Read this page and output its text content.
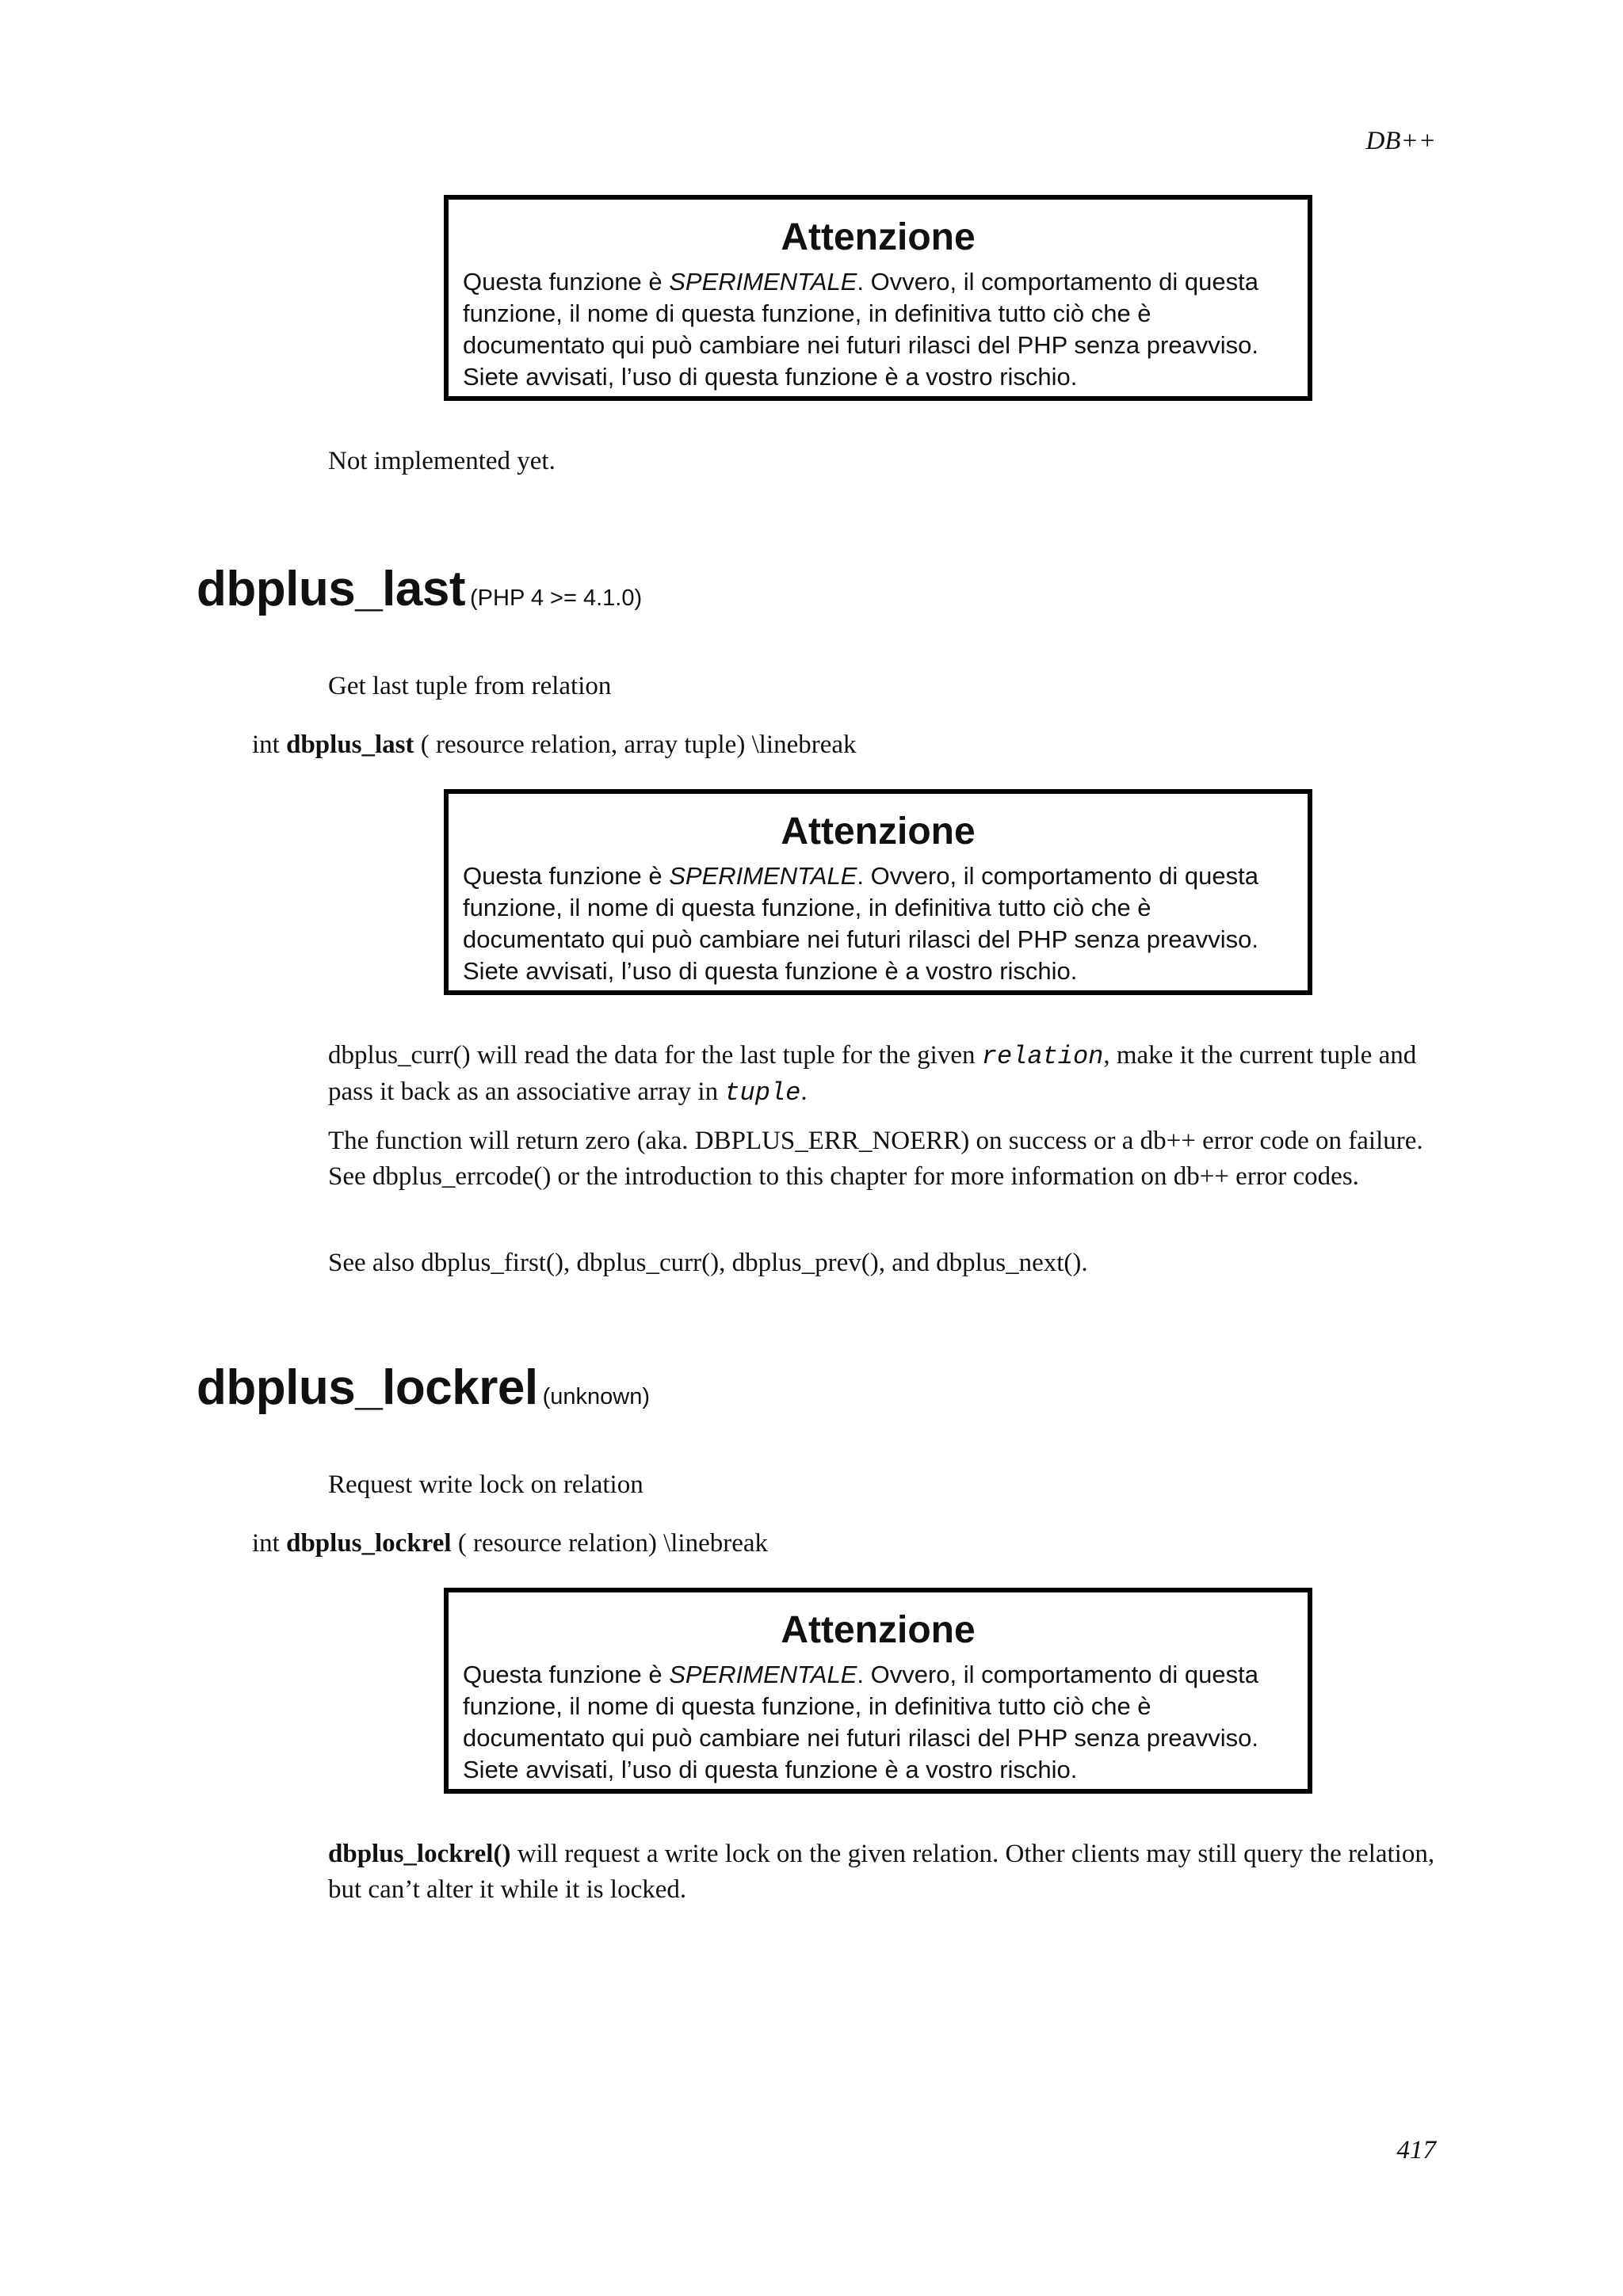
DB++
Attenzione
Questa funzione è SPERIMENTALE. Ovvero, il comportamento di questa funzione, il nome di questa funzione, in definitiva tutto ciò che è documentato qui può cambiare nei futuri rilasci del PHP senza preavviso. Siete avvisati, l’uso di questa funzione è a vostro rischio.

Not implemented yet.

dbplus_last (PHP 4 >= 4.1.0)

Get last tuple from relation

int dbplus_last ( resource relation, array tuple) \linebreak
Attenzione
Questa funzione è SPERIMENTALE. Ovvero, il comportamento di questa funzione, il nome di questa funzione, in definitiva tutto ciò che è documentato qui può cambiare nei futuri rilasci del PHP senza preavviso. Siete avvisati, l’uso di questa funzione è a vostro rischio.

dbplus_curr() will read the data for the last tuple for the given relation, make it the current tuple and pass it back as an associative array in tuple.

The function will return zero (aka. DBPLUS_ERR_NOERR) on success or a db++ error code on failure. See dbplus_errcode() or the introduction to this chapter for more information on db++ error codes.

See also dbplus_first(), dbplus_curr(), dbplus_prev(), and dbplus_next().

dbplus_lockrel (unknown)

Request write lock on relation

int dbplus_lockrel ( resource relation) \linebreak
Attenzione
Questa funzione è SPERIMENTALE. Ovvero, il comportamento di questa funzione, il nome di questa funzione, in definitiva tutto ciò che è documentato qui può cambiare nei futuri rilasci del PHP senza preavviso. Siete avvisati, l’uso di questa funzione è a vostro rischio.

dbplus_lockrel() will request a write lock on the given relation. Other clients may still query the relation, but can’t alter it while it is locked.

417
